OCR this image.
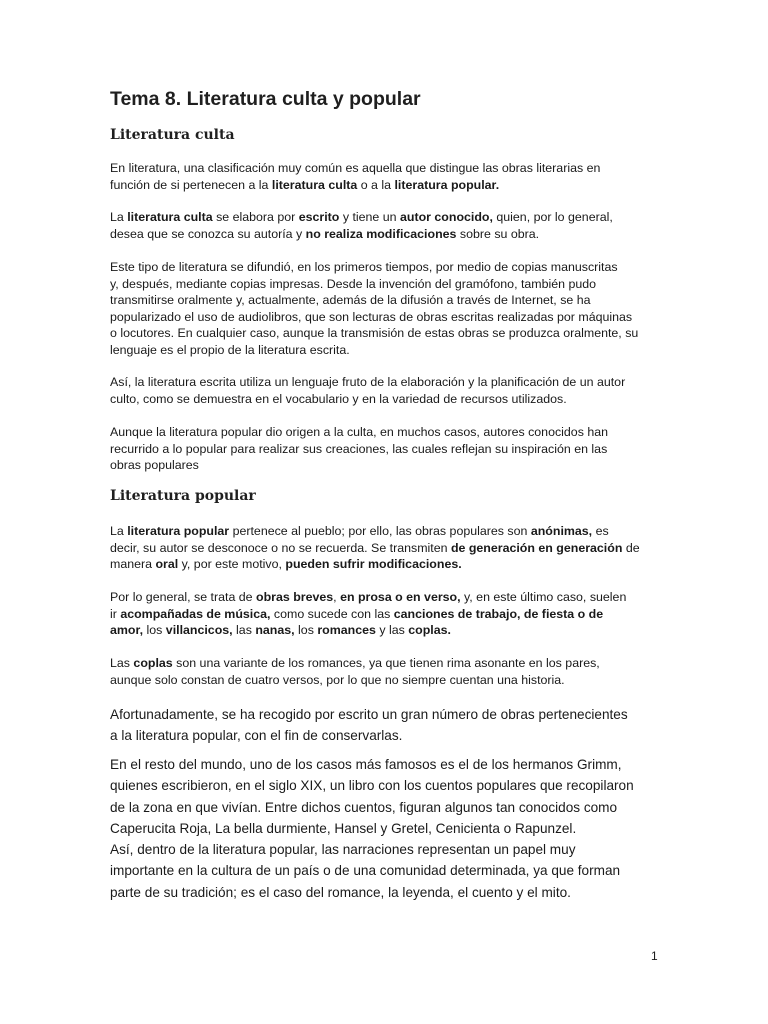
Tema 8. Literatura culta y popular
Literatura culta

En literatura, una clasificación muy común es aquella que distingue las obras literarias en
función de si pertenecen a la literatura culta o a la literatura popular.

La literatura culta se elabora por escrito y tiene un autor conocido, quien, por lo general,
desea que se conozca su autoría y no realiza modificaciones sobre su obra.

Este tipo de literatura se difundió, en los primeros tiempos, por medio de copias manuscritas
y, después, mediante copias impresas. Desde la invención del gramófono, también pudo
transmitirse oralmente y, actualmente, además de la difusión a través de Internet, se ha
popularizado el uso de audiolibros, que son lecturas de obras escritas realizadas por máquinas
o locutores. En cualquier caso, aunque la transmisión de estas obras se produzca oralmente, su
lenguaje es el propio de la literatura escrita.

Así, la literatura escrita utiliza un lenguaje fruto de la elaboración y la planificación de un autor
culto, como se demuestra en el vocabulario y en la variedad de recursos utilizados.

Aunque la literatura popular dio origen a la culta, en muchos casos, autores conocidos han
recurrido a lo popular para realizar sus creaciones, las cuales reflejan su inspiración en las
obras populares

Literatura popular

La literatura popular pertenece al pueblo; por ello, las obras populares son anónimas, es
decir, su autor se desconoce o no se recuerda. Se transmiten de generación en generación de
manera oral y, por este motivo, pueden sufrir modificaciones.

Por lo general, se trata de obras breves, en prosa o en verso, y, en este último caso, suelen
ir acompañadas de música, como sucede con las canciones de trabajo, de fiesta o de
amor, los villancicos, las nanas, los romances y las coplas.

Las coplas son una variante de los romances, ya que tienen rima asonante en los pares,
aunque solo constan de cuatro versos, por lo que no siempre cuentan una historia.

Afortunadamente, se ha recogido por escrito un gran número de obras pertenecientes
a la literatura popular, con el fin de conservarlas.

En el resto del mundo, uno de los casos más famosos es el de los hermanos Grimm,
quienes escribieron, en el siglo XIX, un libro con los cuentos populares que recopilaron
de la zona en que vivían. Entre dichos cuentos, figuran algunos tan conocidos como
Caperucita Roja, La bella durmiente, Hansel y Gretel, Cenicienta o Rapunzel.

Así, dentro de la literatura popular, las narraciones representan un papel muy
importante en la cultura de un país o de una comunidad determinada, ya que forman
parte de su tradición; es el caso del romance, la leyenda, el cuento y el mito.

1
